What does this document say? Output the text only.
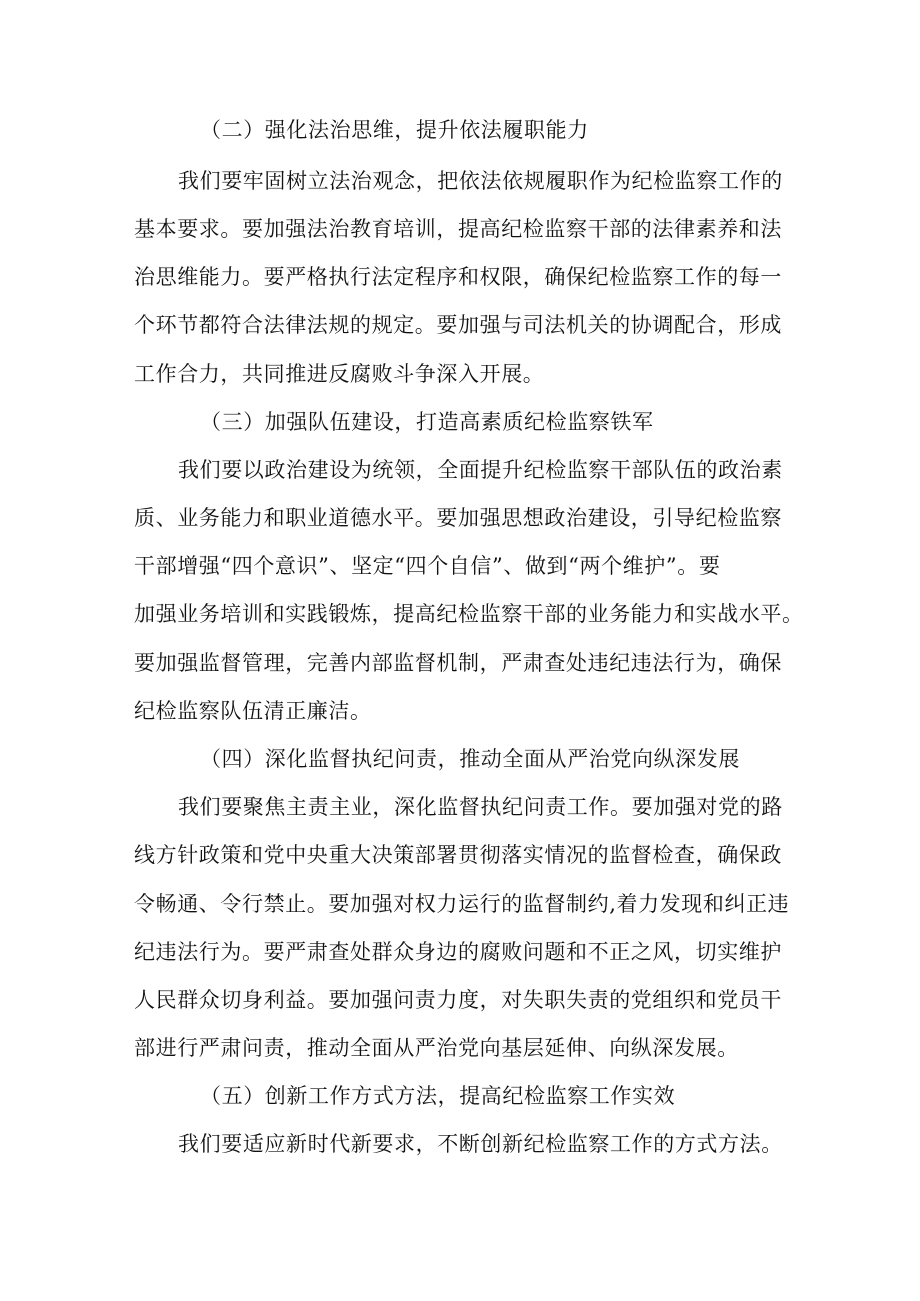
（二）强化法治思维，提升依法履职能力

我们要牢固树立法治观念，把依法依规履职作为纪检监察工作的

基本要求。要加强法治教育培训，提高纪检监察干部的法律素养和法

治思维能力。要严格执行法定程序和权限，确保纪检监察工作的每一

个环节都符合法律法规的规定。要加强与司法机关的协调配合，形成

工作合力，共同推进反腐败斗争深入开展。

（三）加强队伍建设，打造高素质纪检监察铁军

我们要以政治建设为统领，全面提升纪检监察干部队伍的政治素

质、业务能力和职业道德水平。要加强思想政治建设，引导纪检监察

干部增强“四个意识”、坚定“四个自信”、做到“两个维护”。要

加强业务培训和实践锻炼，提高纪检监察干部的业务能力和实战水平。

要加强监督管理，完善内部监督机制，严肃查处违纪违法行为，确保

纪检监察队伍清正廉洁。

（四）深化监督执纪问责，推动全面从严治党向纵深发展

我们要聚焦主责主业，深化监督执纪问责工作。要加强对党的路

线方针政策和党中央重大决策部署贯彻落实情况的监督检查，确保政

令畅通、令行禁止。要加强对权力运行的监督制约,着力发现和纠正违

纪违法行为。要严肃查处群众身边的腐败问题和不正之风，切实维护

人民群众切身利益。要加强问责力度，对失职失责的党组织和党员干

部进行严肃问责，推动全面从严治党向基层延伸、向纵深发展。

（五）创新工作方式方法，提高纪检监察工作实效

我们要适应新时代新要求，不断创新纪检监察工作的方式方法。
